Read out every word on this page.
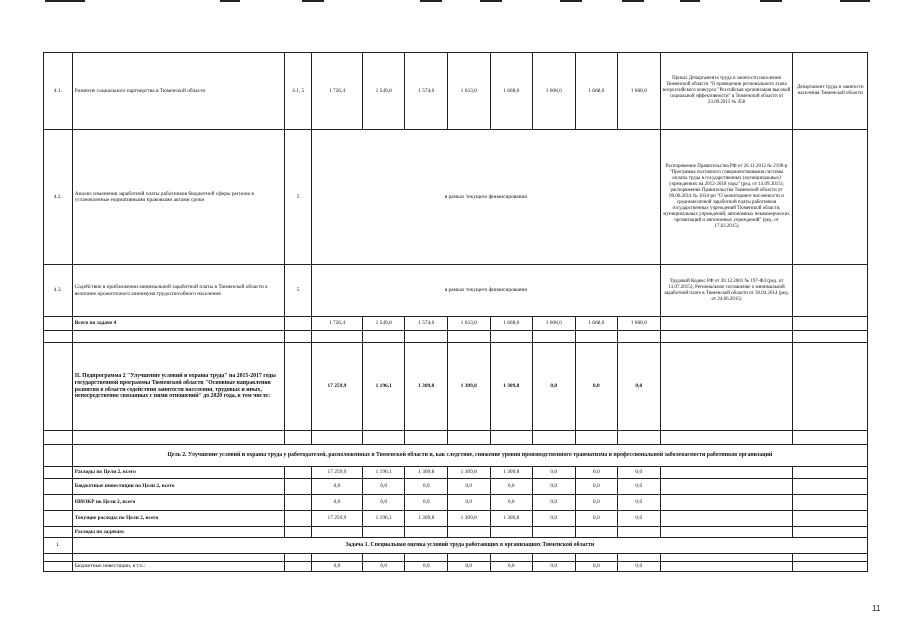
4.1.	Развитие социального партнерства в Тюменской области	4.1, 5	1 726,4	1 549,8	1 574,0	1 633,0	1 668,0	1 668,0	1 668,0	1 668,0	Приказ Департамента труда и занятости населения Тюменской области "О проведении регионального этапа всероссийского конкурса "Российская организация высокой социальной эффективности" в Тюменской области от 23.09.2015 № 458	Департамент труда и занятости населения Тюменской области
4.2.	Анализ изменения заработной платы работников бюджетной сферы региона в установленные нормативными правовыми актами сроки	5	в рамках текущего финансирования								Распоряжение Правительства РФ от 26.11.2012 № 2190-р "Программа поэтапного совершенствования системы оплаты труда в государственных (муниципальных) учреждениях на 2012-2018 годы" (ред. от 14.09.2015); распоряжение Правительства Тюменской области от 09.06.2014 № 1034-рп "О мониторинге численности и среднемесячной заработной платы работников государственных учреждений Тюменской области, муниципальных учреждений, автономных некоммерческих организаций и автономных учреждений" (ред. от 17.03.2015)	
4.3.	Содействие в приближении минимальной заработной платы в Тюменской области к величине прожиточного минимума трудоспособного населения	5	в рамках текущего финансирования								Трудовой Кодекс РФ от 30.12.2001 № 197-ФЗ (ред. от 13.07.2015); Региональное соглашение о минимальной заработной плате в Тюменской области от 30.04.2014 (ред. от 24.06.2015)	
	Всего по задаче 4		1 726,4	1 549,8	1 574,0	1 633,0	1 668,0	1 668,0	1 668,0	1 668,0		

	II. Подпрограмма 2 "Улучшение условий и охраны труда" на 2015-2017 годы государственной программы Тюменской области "Основные направления развития в области содействия занятости населения, трудовых и иных, непосредственно связанных с ними отношений" до 2020 года, в том числе:		17 259,9	1 196,1	1 309,8	1 309,8	1 309,8	0,0	0,0	0,0		

	Цель 2. Улучшение условий и охраны труда у работодателей, расположенных в Тюменской области и, как следствие, снижение уровня производственного травматизма и профессиональной заболеваемости работников организаций											
	Расходы по Цели 2, всего		17 259,9	1 196,1	1 309,8	1 309,8	1 309,8	0,0	0,0	0,0		
	Бюджетные инвестиции по Цели 2, всего		0,0	0,0	0,0	0,0	0,0	0,0	0,0	0,0		
	НИОКР по Цели 2, всего		0,0	0,0	0,0	0,0	0,0	0,0	0,0	0,0		
	Текущие расходы по Цели 2, всего		17 259,9	1 196,1	1 309,8	1 309,8	1 309,8	0,0	0,0	0,0		
	Расходы по задачам:											
1.	Задача 1. Специальная оценка условий труда работающих в организациях Тюменской области											

	Бюджетные инвестиции, в т.ч.:		0,0	0,0	0,0	0,0	0,0	0,0	0,0	0,0		
11
